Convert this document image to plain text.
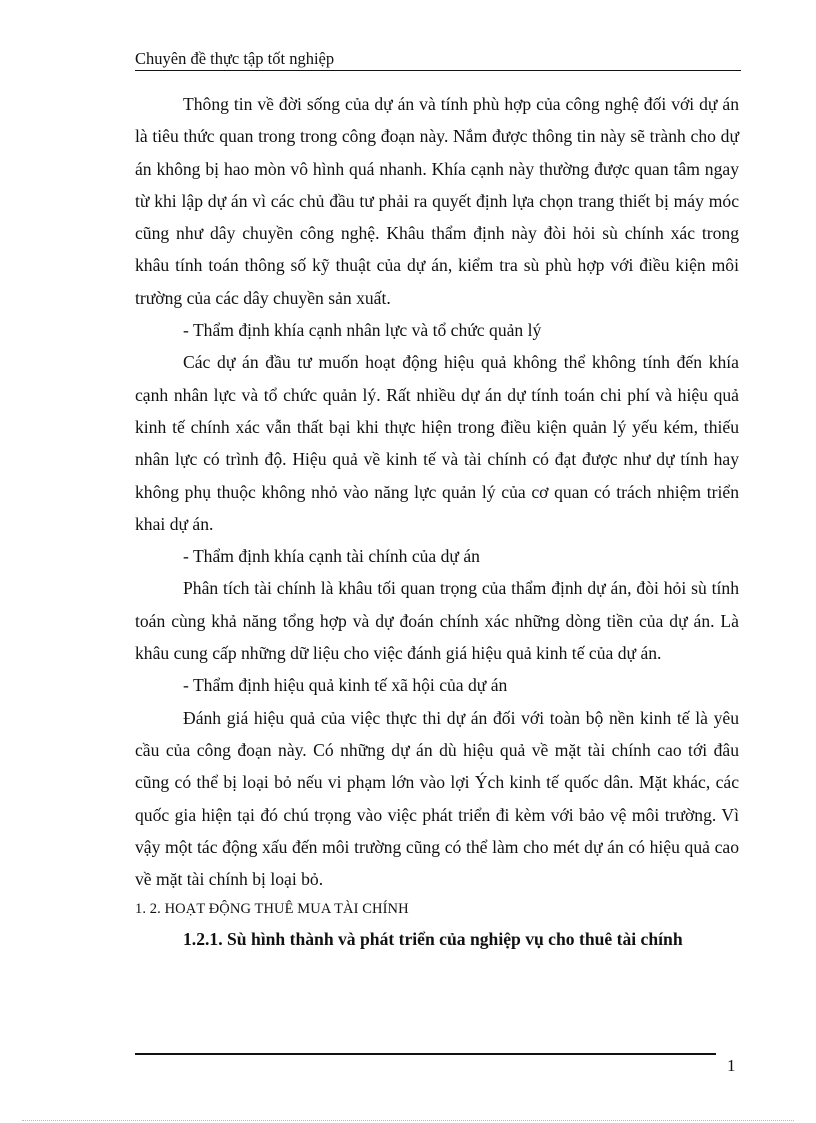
Chuyên đề thực tập tốt nghiệp

Thông tin về đời sống của dự án và tính phù hợp của công nghệ đối với dự án là tiêu thức quan trong trong công đoạn này. Nắm được thông tin này sẽ trành cho dự án không bị hao mòn vô hình quá nhanh. Khía cạnh này thường được quan tâm ngay từ khi lập dự án vì các chủ đầu tư phải ra quyết định lựa chọn trang thiết bị máy móc cũng như dây chuyền công nghệ. Khâu thẩm định này đòi hỏi sù chính xác trong khâu tính toán thông số kỹ thuật của dự án, kiểm tra sù phù hợp với điều kiện môi trường của các dây chuyền sản xuất.

- Thẩm định khía cạnh nhân lực và tổ chức quản lý

Các dự án đầu tư muốn hoạt động hiệu quả không thể không tính đến khía cạnh nhân lực và tổ chức quản lý. Rất nhiều dự án dự tính toán chi phí và hiệu quả kinh tế chính xác vẫn thất bại khi thực hiện trong điều kiện quản lý yếu kém, thiếu nhân lực có trình độ. Hiệu quả về kinh tế và tài chính có đạt được như dự tính hay không phụ thuộc không nhỏ vào năng lực quản lý của cơ quan có trách nhiệm triển khai dự án.

- Thẩm định khía cạnh tài chính của dự án

Phân tích tài chính là khâu tối quan trọng của thẩm định dự án, đòi hỏi sù tính toán cùng khả năng tổng hợp và dự đoán chính xác những dòng tiền của dự án. Là khâu cung cấp những dữ liệu cho việc đánh giá hiệu quả kinh tế của dự án.

- Thẩm định hiệu quả kinh tế xã hội của dự án

Đánh giá hiệu quả của việc thực thi dự án đối với toàn bộ nền kinh tế là yêu cầu của công đoạn này. Có những dự án dù hiệu quả về mặt tài chính cao tới đâu cũng có thể bị loại bỏ nếu vi phạm lớn vào lợi Ých kinh tế quốc dân. Mặt khác, các quốc gia hiện tại đó chú trọng vào việc phát triển đi kèm với bảo vệ môi trường. Vì vậy một tác động xấu đến môi trường cũng có thể làm cho mét dự án có hiệu quả cao về mặt tài chính bị loại bỏ.

1. 2. HOẠT ĐỘNG THUÊ MUA TÀI CHÍNH

1.2.1. Sù hình thành và phát triển của nghiệp vụ cho thuê tài chính

1
